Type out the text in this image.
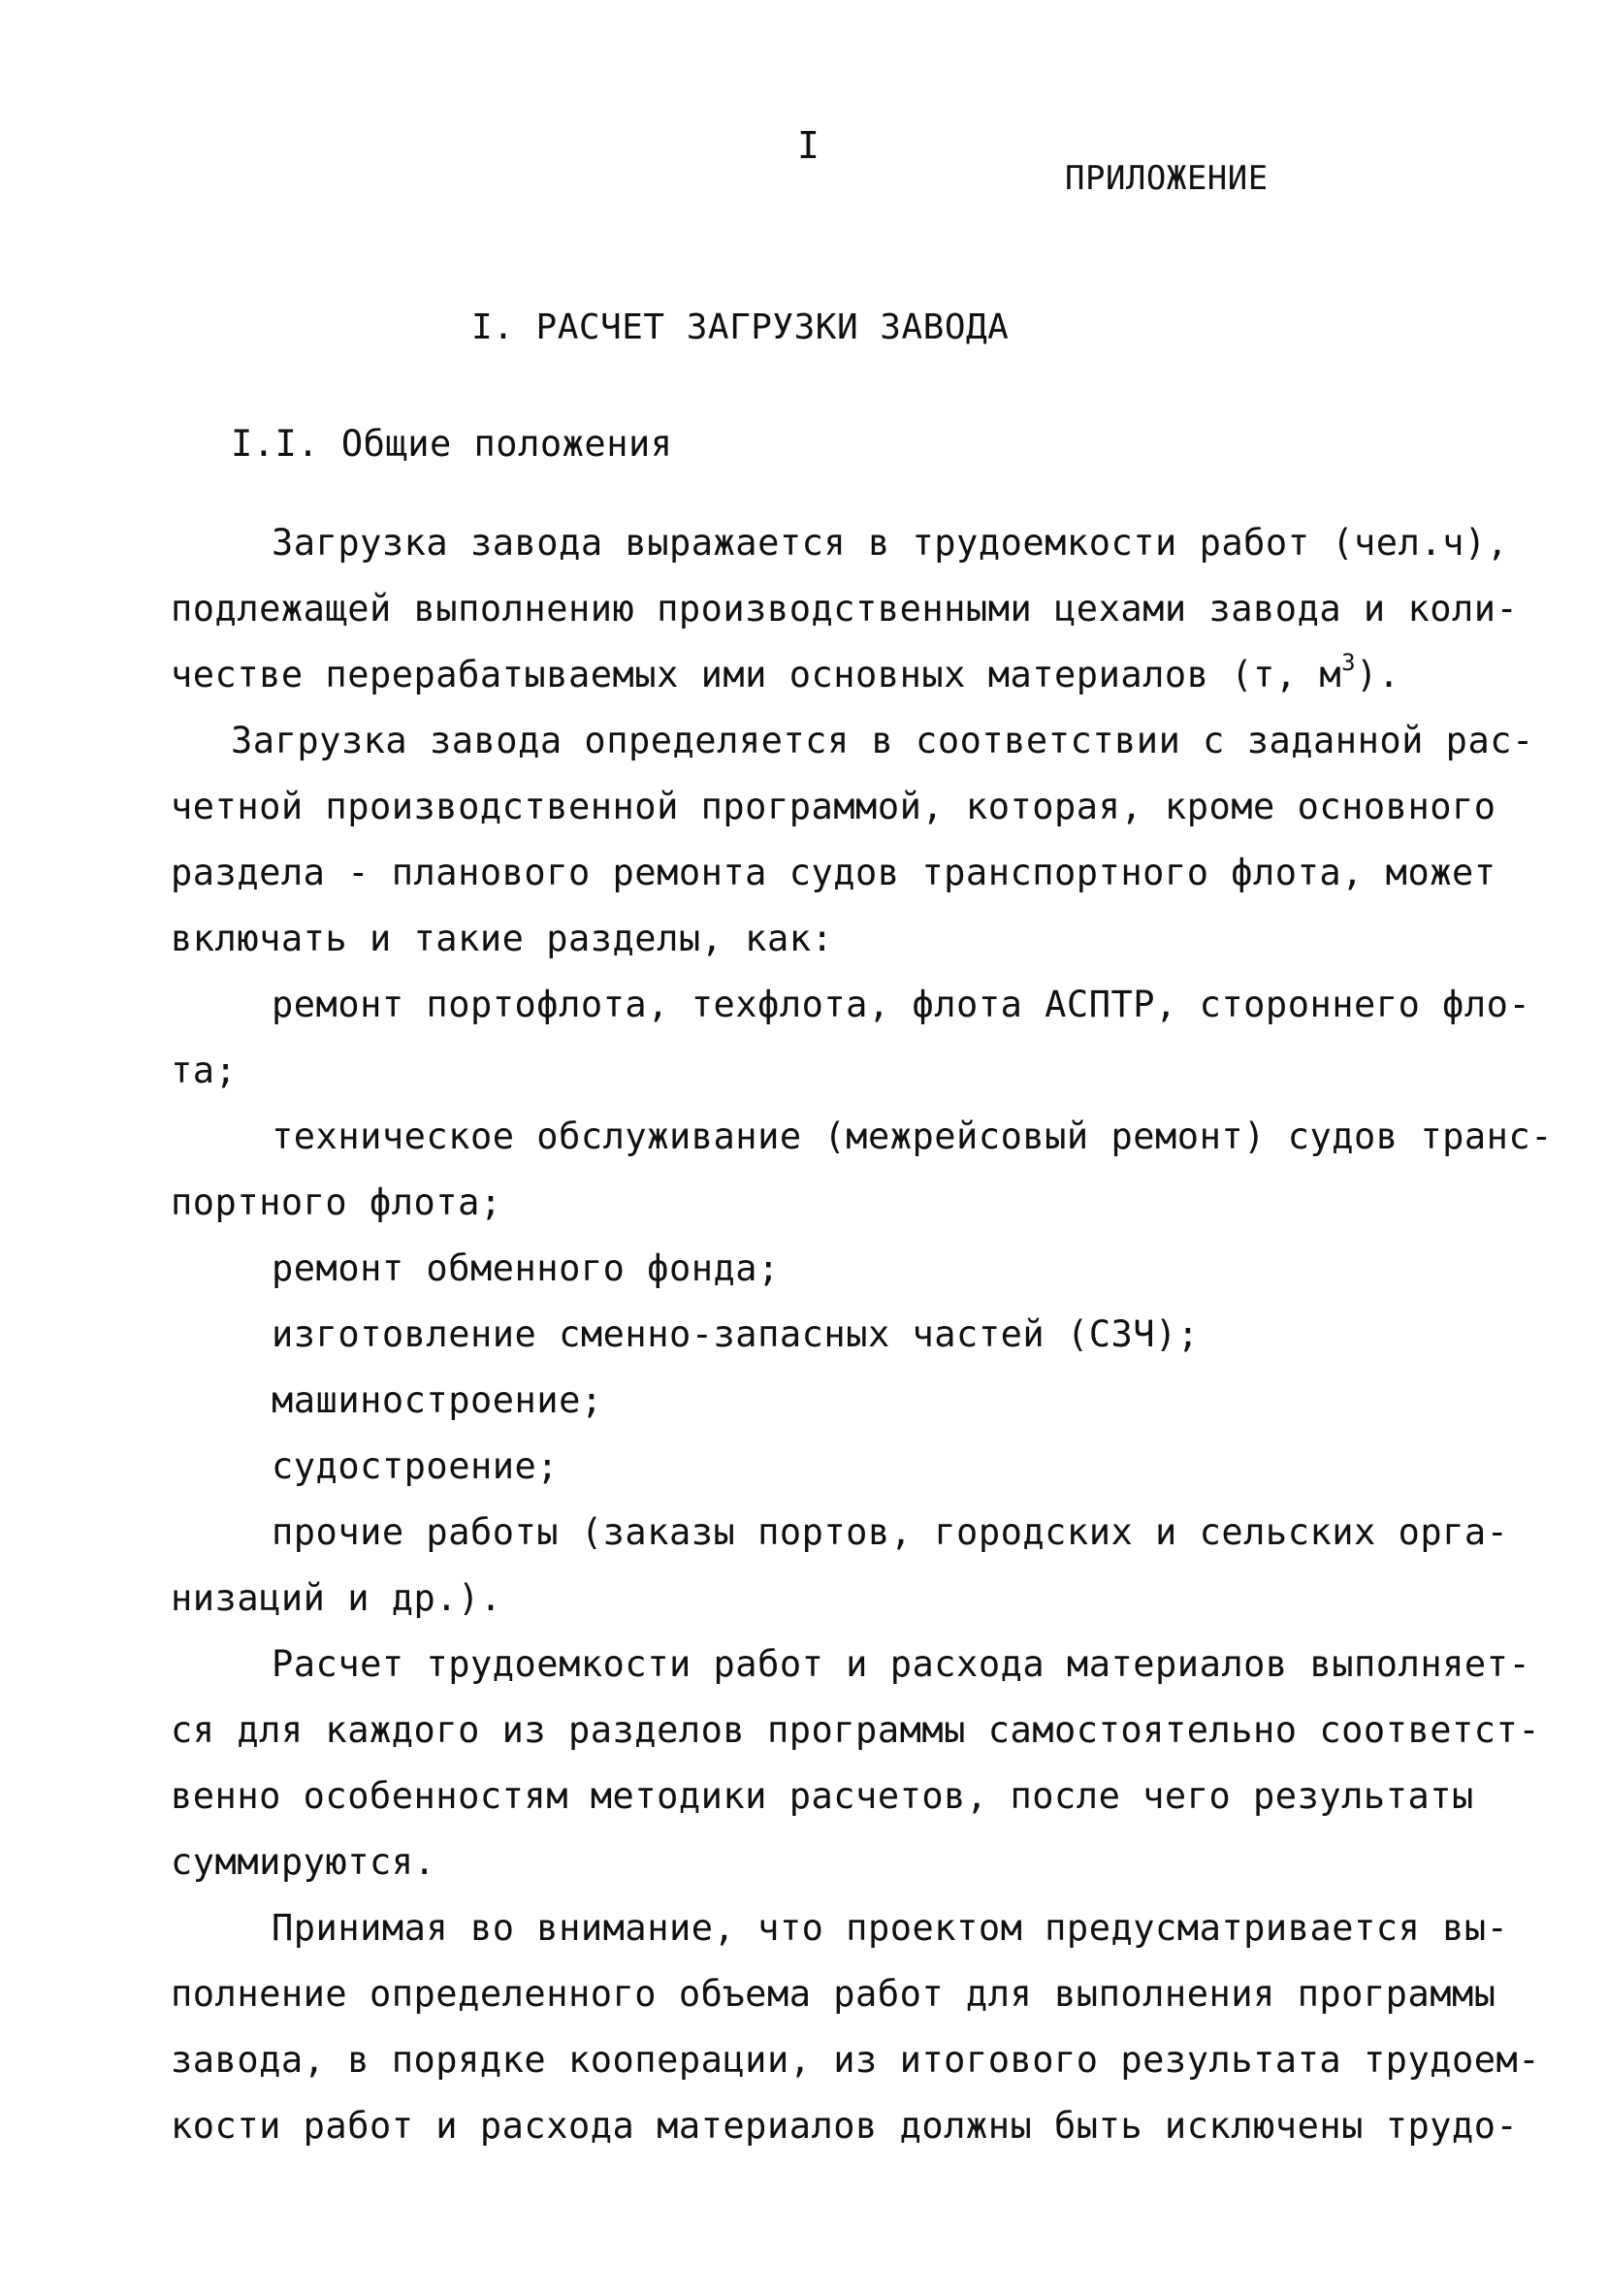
I
ПРИЛОЖЕНИЕ
I. РАСЧЕТ ЗАГРУЗКИ ЗАВОДА
I.I. Общие положения
Загрузка завода выражается в трудоемкости работ (чел.ч),
подлежащей выполнению производственными цехами завода и коли-
честве перерабатываемых ими основных материалов (т, $м^3$).
Загрузка завода определяется в соответствии с заданной рас-
четной производственной программой, которая, кроме основного
раздела - планового ремонта судов транспортного флота, может
включать и такие разделы, как:
ремонт портофлота, техфлота, флота АСПТР, стороннего фло-
та;
техническое обслуживание (межрейсовый ремонт) судов транс-
портного флота;
ремонт обменного фонда;
изготовление сменно-запасных частей (СЗЧ);
машиностроение;
судостроение;
прочие работы (заказы портов, городских и сельских орга-
низаций и др.).
Расчет трудоемкости работ и расхода материалов выполняет-
ся для каждого из разделов программы самостоятельно соответст-
венно особенностям методики расчетов, после чего результаты
суммируются.
Принимая во внимание, что проектом предусматривается вы-
полнение определенного объема работ для выполнения программы
завода, в порядке кооперации, из итогового результата трудоем-
кости работ и расхода материалов должны быть исключены трудо-
